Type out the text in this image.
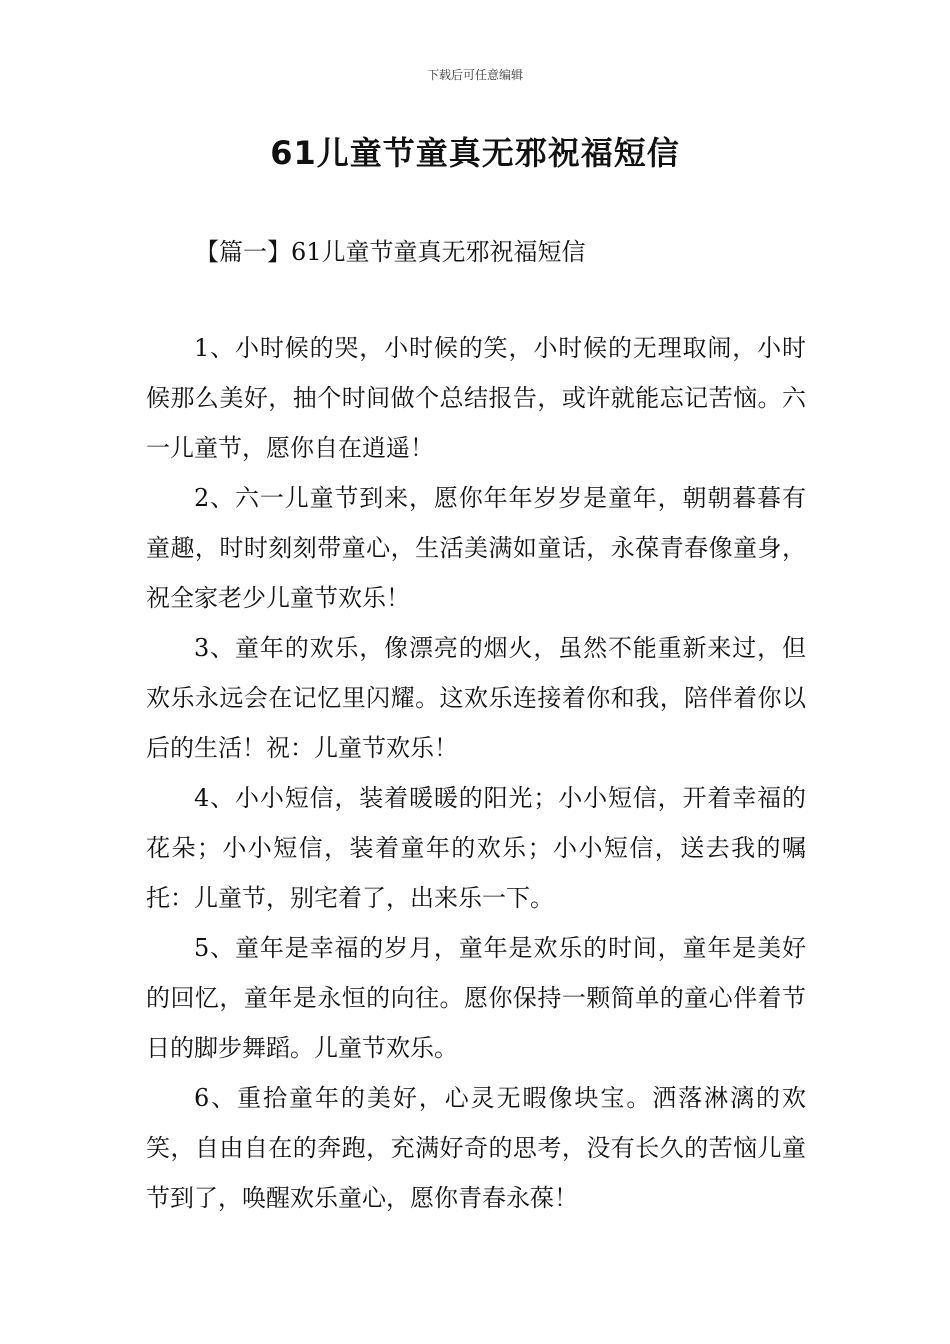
下载后可任意编辑
61儿童节童真无邪祝福短信
【篇一】61儿童节童真无邪祝福短信

1、小时候的哭，小时候的笑，小时候的无理取闹，小时候那么美好，抽个时间做个总结报告，或许就能忘记苦恼。六一儿童节，愿你自在逍遥！

2、六一儿童节到来，愿你年年岁岁是童年，朝朝暮暮有童趣，时时刻刻带童心，生活美满如童话，永葆青春像童身，祝全家老少儿童节欢乐！

3、童年的欢乐，像漂亮的烟火，虽然不能重新来过，但欢乐永远会在记忆里闪耀。这欢乐连接着你和我，陪伴着你以后的生活！祝：儿童节欢乐！

4、小小短信，装着暖暖的阳光；小小短信，开着幸福的花朵；小小短信，装着童年的欢乐；小小短信，送去我的嘱托：儿童节，别宅着了，出来乐一下。

5、童年是幸福的岁月，童年是欢乐的时间，童年是美好的回忆，童年是永恒的向往。愿你保持一颗简单的童心伴着节日的脚步舞蹈。儿童节欢乐。

6、重拾童年的美好，心灵无暇像块宝。洒落淋漓的欢笑，自由自在的奔跑，充满好奇的思考，没有长久的苦恼儿童节到了，唤醒欢乐童心，愿你青春永葆！
